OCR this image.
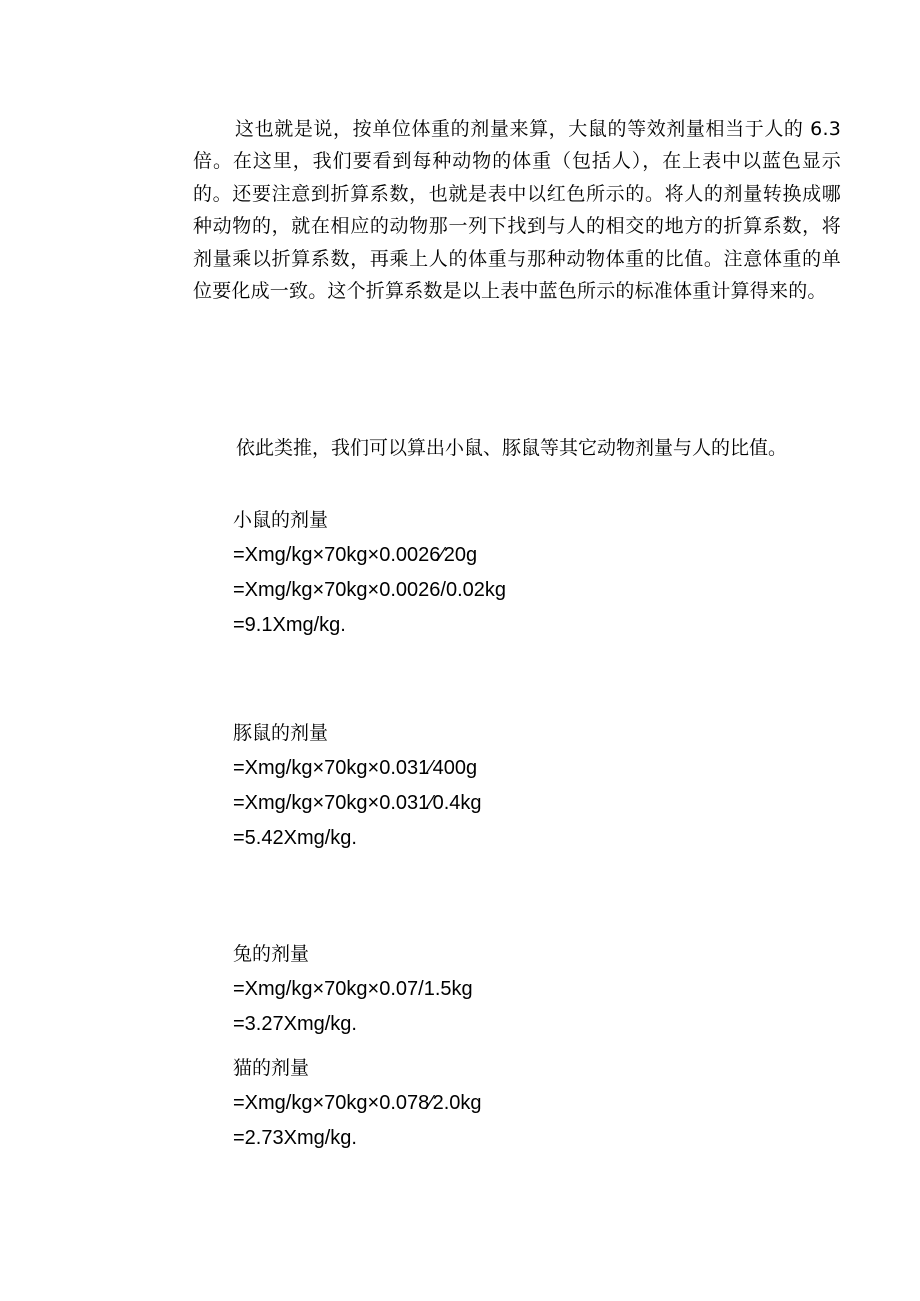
这也就是说，按单位体重的剂量来算，大鼠的等效剂量相当于人的 6.3 倍。在这里，我们要看到每种动物的体重（包括人），在上表中以蓝色显示的。还要注意到折算系数，也就是表中以红色所示的。将人的剂量转换成哪种动物的，就在相应的动物那一列下找到与人的相交的地方的折算系数，将剂量乘以折算系数，再乘上人的体重与那种动物体重的比值。注意体重的单位要化成一致。这个折算系数是以上表中蓝色所示的标准体重计算得来的。

依此类推，我们可以算出小鼠、豚鼠等其它动物剂量与人的比值。

小鼠的剂量
=Xmg/kg×70kg×0.0026⁄20g
=Xmg/kg×70kg×0.0026/0.02kg
=9.1Xmg/kg.
豚鼠的剂量
=Xmg/kg×70kg×0.031⁄400g
=Xmg/kg×70kg×0.031⁄0.4kg
=5.42Xmg/kg.
兔的剂量
=Xmg/kg×70kg×0.07/1.5kg
=3.27Xmg/kg.
猫的剂量
=Xmg/kg×70kg×0.078⁄2.0kg
=2.73Xmg/kg.
